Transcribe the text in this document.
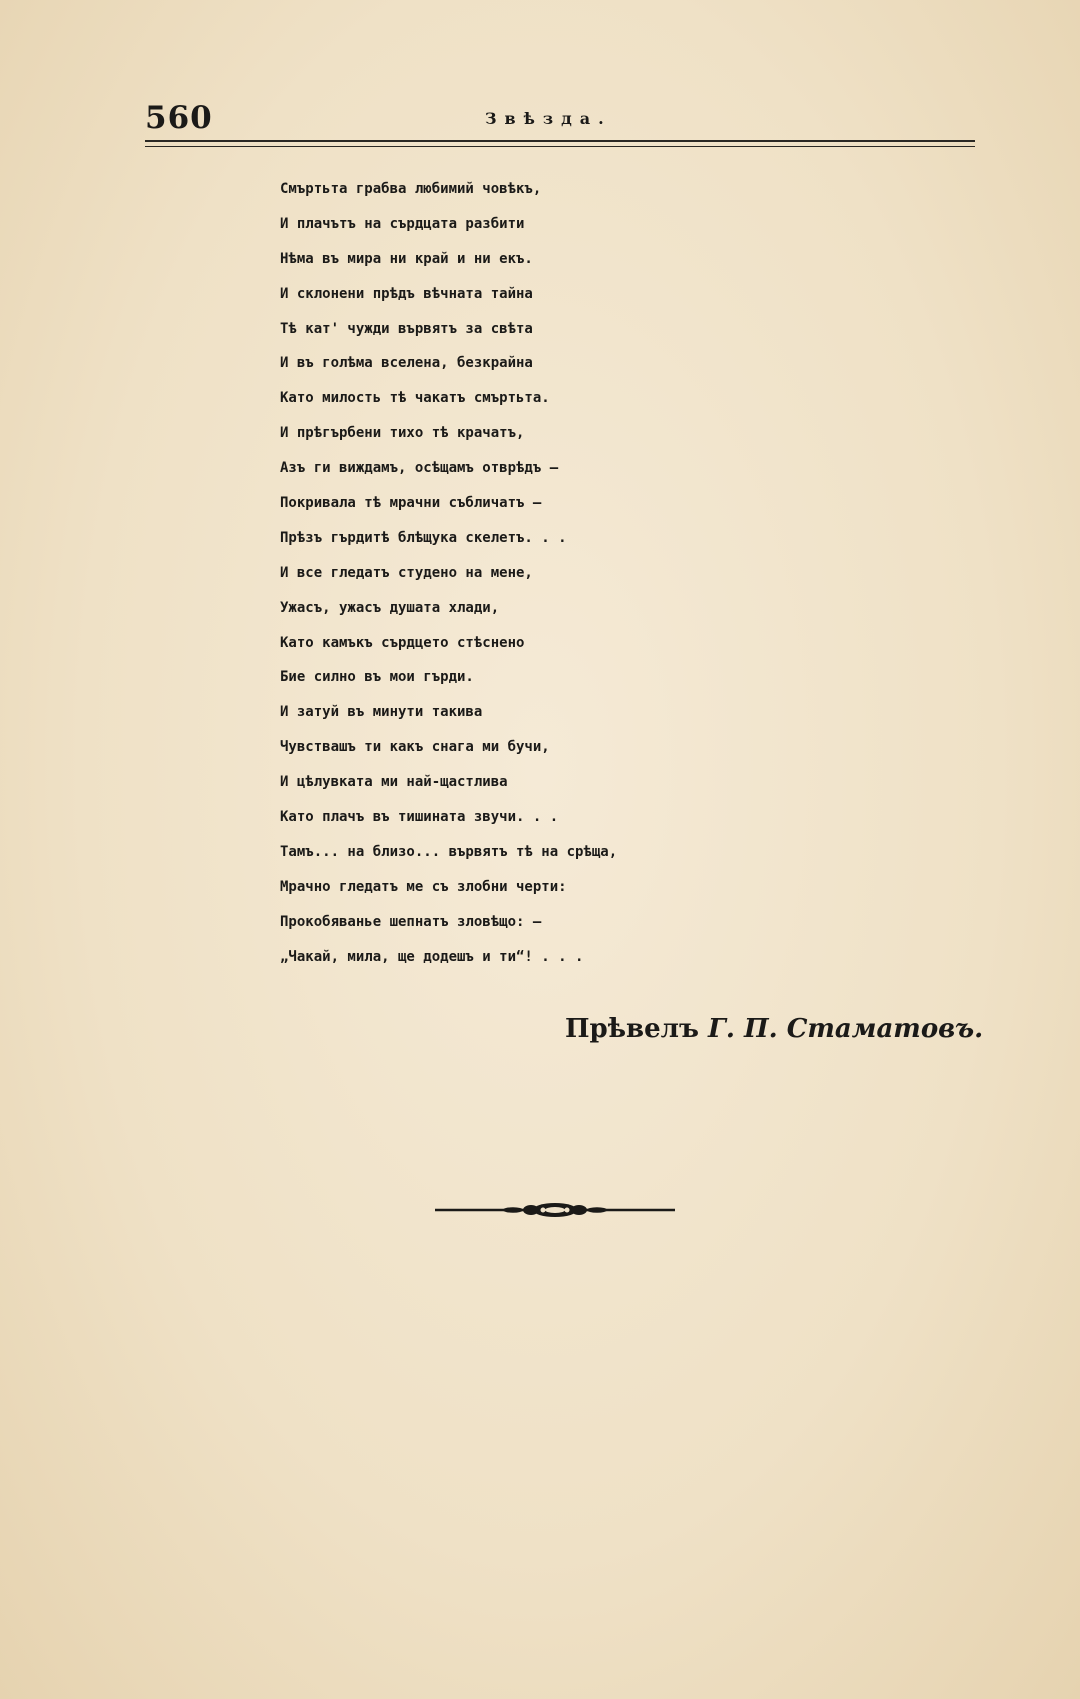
560	Звѣзда.
Смъртьта грабва любимий човѣкъ,
И плачътъ на сърдцата разбити
Нѣма въ мира ни край и ни екъ.
И склонени прѣдъ вѣчната тайна
Тѣ кат' чужди вървятъ за свѣта
И въ голѣма вселена, безкрайна
Като милость тѣ чакатъ смъртьта.
И прѣгърбени тихо тѣ крачатъ,
Азъ ги виждамъ, осѣщамъ отврѣдъ —
Покривала тѣ мрачни събличатъ —
Прѣзъ гърдитѣ блѣщука скелетъ. . .
И все гледатъ студено на мене,
Ужасъ, ужасъ душата хлади,
Като камъкъ сърдцето стѣснено
Бие силно въ мои гърди.
И затуй въ минути такива
Чувствашъ ти какъ снага ми бучи,
И цѣлувката ми най-щастлива
Като плачъ въ тишината звучи. . .
Тамъ... на близо... вървятъ тѣ на срѣща,
Мрачно гледатъ ме съ злобни черти:
Прокобяванье шепнатъ зловѣщо: —
„Чакай, мила, ще додешъ и ти“! . . .
Прѣвелъ Г. П. Стаматовъ.
